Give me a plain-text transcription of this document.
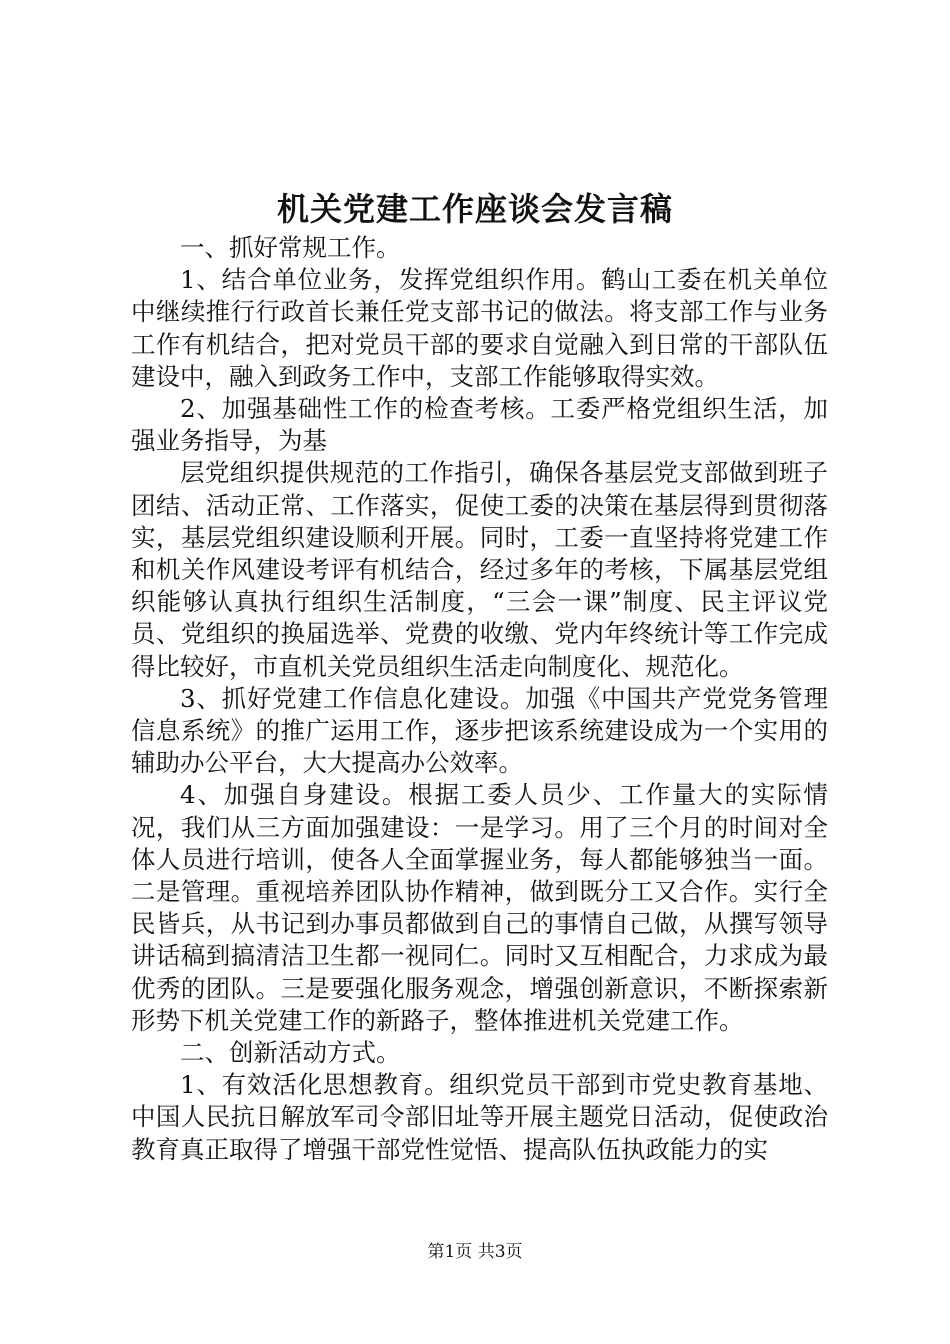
机关党建工作座谈会发言稿

一、抓好常规工作。

1、结合单位业务，发挥党组织作用。鹤山工委在机关单位中继续推行行政首长兼任党支部书记的做法。将支部工作与业务工作有机结合，把对党员干部的要求自觉融入到日常的干部队伍建设中，融入到政务工作中，支部工作能够取得实效。

2、加强基础性工作的检查考核。工委严格党组织生活，加强业务指导，为基

层党组织提供规范的工作指引，确保各基层党支部做到班子团结、活动正常、工作落实，促使工委的决策在基层得到贯彻落实，基层党组织建设顺利开展。同时，工委一直坚持将党建工作和机关作风建设考评有机结合，经过多年的考核，下属基层党组织能够认真执行组织生活制度，“三会一课”制度、民主评议党员、党组织的换届选举、党费的收缴、党内年终统计等工作完成得比较好，市直机关党员组织生活走向制度化、规范化。

3、抓好党建工作信息化建设。加强《中国共产党党务管理信息系统》的推广运用工作，逐步把该系统建设成为一个实用的辅助办公平台，大大提高办公效率。

4、加强自身建设。根据工委人员少、工作量大的实际情况，我们从三方面加强建设：一是学习。用了三个月的时间对全体人员进行培训，使各人全面掌握业务，每人都能够独当一面。二是管理。重视培养团队协作精神，做到既分工又合作。实行全民皆兵，从书记到办事员都做到自己的事情自己做，从撰写领导讲话稿到搞清洁卫生都一视同仁。同时又互相配合，力求成为最优秀的团队。三是要强化服务观念，增强创新意识，不断探索新形势下机关党建工作的新路子，整体推进机关党建工作。

二、创新活动方式。

1、有效活化思想教育。组织党员干部到市党史教育基地、中国人民抗日解放军司令部旧址等开展主题党日活动，促使政治教育真正取得了增强干部党性觉悟、提高队伍执政能力的实

第1页 共3页
